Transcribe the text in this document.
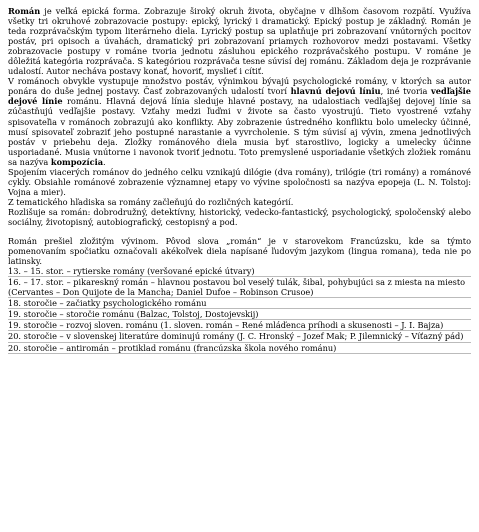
Román je veľká epická forma. Zobrazuje široký okruh života, obyčajne v dlhšom časovom rozpätí. Využíva všetky tri okruhové zobrazovacie postupy: epický, lyrický i dramatický. Epický postup je základný. Román je teda rozprávačským typom literárneho diela. Lyrický postup sa uplatňuje pri zobrazovaní vnútorných pocitov postáv, pri opisoch a úvahách, dramatický pri zobrazovaní priamych rozhovorov medzi postavami. Všetky zobrazovacie postupy v románe tvoria jednotu zásluhou epického rozprávačského postupu. V románe je dôležitá kategória rozprávača. S kategóriou rozprávača tesne súvisí dej románu. Základom deja je rozprávanie udalostí. Autor necháva postavy konať, hovoriť, myslieť i cítiť.

V románoch obvykle vystupuje množstvo postáv, výnimkou bývajú psychologické romány, v ktorých sa autor ponára do duše jednej postavy. Časť zobrazovaných udalostí tvorí hlavnú dejovú líniu, iné tvoria vedľajšie dejové línie románu. Hlavná dejová línia sleduje hlavné postavy, na udalostiach vedľajšej dejovej línie sa zúčastňujú vedľajšie postavy. Vzťahy medzi ľuďmi v živote sa často vyostrujú. Tieto vyostrené vzťahy spisovateľia v románoch zobrazujú ako konflikty. Aby zobrazenie ústredného konfliktu bolo umelecky účinné, musí spisovateľ zobraziť jeho postupné narastanie a vyvrcholenie. S tým súvisí aj vývin, zmena jednotlivých postáv v priebehu deja. Zložky románového diela musia byť starostlivo, logicky a umelecky účinne usporiadané. Musia vnútorne i navonok tvoriť jednotu. Toto premyslené usporiadanie všetkých zložiek románu sa nazýva kompozícia.

Spojením viacerých románov do jedného celku vznikajú dilógie (dva romány), trilógie (tri romány) a románové cykly. Obsiahle románové zobrazenie významnej etapy vo vývine spoločnosti sa nazýva epopeja (L. N. Tolstoj: Vojna a mier).

Z tematického hľadiska sa romány začleňujú do rozličných kategórií.

Rozlišuje sa román: dobrodružný, detektívny, historický, vedecko-fantastický, psychologický, spoločenský alebo sociálny, životopisný, autobiografický, cestopisný a pod.

Román prešiel zložitým vývinom. Pôvod slova „román“ je v starovekom Francúzsku, kde sa týmto pomenovaním spočiatku označovali akékoľvek diela napísané ľudovým jazykom (lingua romana), teda nie po latinsky.

13. – 15. stor. – rytierske romány (veršované epické útvary)
16. – 17. stor. – pikareskný román – hlavnou postavou bol veselý tulák, šibal, pohybujúci sa z miesta na miesto (Cervantes – Don Quijote de la Mancha; Daniel Dufoe – Robinson Crusoe)
18. storočie – začiatky psychologického románu
19. storočie – storočie románu (Balzac, Tolstoj, Dostojevskij)
19. storočie – rozvoj sloven. románu (1. sloven. román – René mláďenca príhodi a skusenosti – J. I. Bajza)
20. storočie – v slovenskej literatúre dominujú romány (J. C. Hronský – Jozef Mak; P. Jilemnický – Víťazný pád)
20. storočie – antiromán – protiklad románu (francúzska škola nového románu)
